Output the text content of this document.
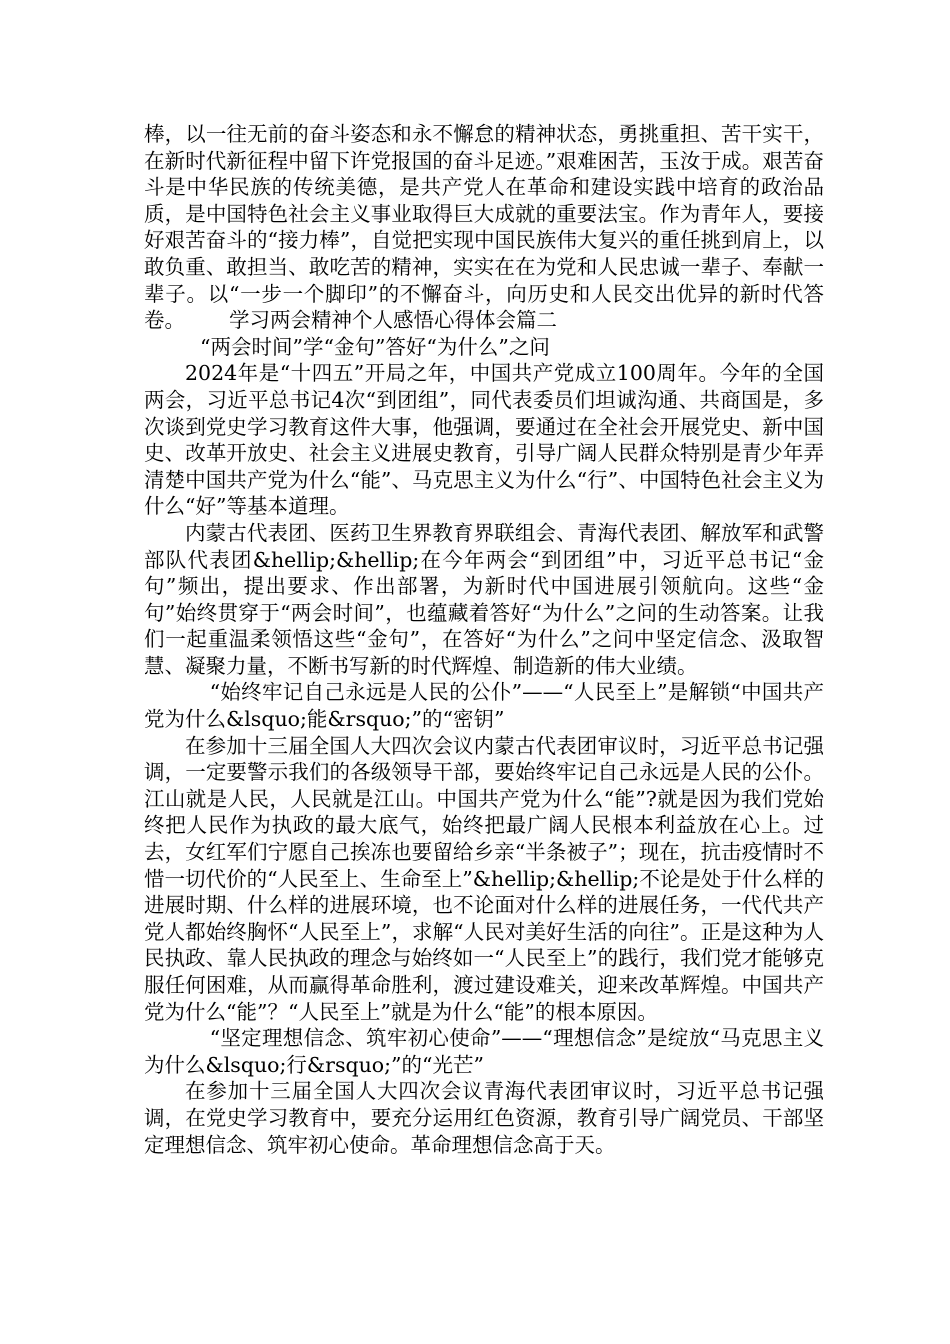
棒，以一往无前的奋斗姿态和永不懈怠的精神状态，勇挑重担、苦干实干，在新时代新征程中留下许党报国的奋斗足迹。”艰难困苦，玉汝于成。艰苦奋斗是中华民族的传统美德，是共产党人在革命和建设实践中培育的政治品质，是中国特色社会主义事业取得巨大成就的重要法宝。作为青年人，要接好艰苦奋斗的“接力棒”，自觉把实现中国民族伟大复兴的重任挑到肩上，以敢负重、敢担当、敢吃苦的精神，实实在在为党和人民忠诚一辈子、奉献一辈子。以“一步一个脚印”的不懈奋斗，向历史和人民交出优异的新时代答卷。 学习两会精神个人感悟心得体会篇二

“两会时间”学“金句”答好“为什么”之问

2024年是“十四五”开局之年，中国共产党成立100周年。今年的全国两会，习近平总书记4次“到团组”，同代表委员们坦诚沟通、共商国是，多次谈到党史学习教育这件大事，他强调，要通过在全社会开展党史、新中国史、改革开放史、社会主义进展史教育，引导广阔人民群众特别是青少年弄清楚中国共产党为什么“能”、马克思主义为什么“行”、中国特色社会主义为什么“好”等基本道理。

内蒙古代表团、医药卫生界教育界联组会、青海代表团、解放军和武警部队代表团&hellip;&hellip;在今年两会“到团组”中，习近平总书记“金句”频出，提出要求、作出部署，为新时代中国进展引领航向。这些“金句”始终贯穿于“两会时间”，也蕴藏着答好“为什么”之问的生动答案。让我们一起重温柔领悟这些“金句”，在答好“为什么”之问中坚定信念、汲取智慧、凝聚力量，不断书写新的时代辉煌、制造新的伟大业绩。

“始终牢记自己永远是人民的公仆”——“人民至上”是解锁“中国共产党为什么&lsquo;能&rsquo;”的“密钥”

在参加十三届全国人大四次会议内蒙古代表团审议时，习近平总书记强调，一定要警示我们的各级领导干部，要始终牢记自己永远是人民的公仆。江山就是人民，人民就是江山。中国共产党为什么“能”?就是因为我们党始终把人民作为执政的最大底气，始终把最广阔人民根本利益放在心上。过去，女红军们宁愿自己挨冻也要留给乡亲“半条被子”；现在，抗击疫情时不惜一切代价的“人民至上、生命至上”&hellip;&hellip;不论是处于什么样的进展时期、什么样的进展环境，也不论面对什么样的进展任务，一代代共产党人都始终胸怀“人民至上”，求解“人民对美好生活的向往”。正是这种为人民执政、靠人民执政的理念与始终如一“人民至上”的践行，我们党才能够克服任何困难，从而赢得革命胜利，渡过建设难关，迎来改革辉煌。中国共产党为什么“能”？“人民至上”就是为什么“能”的根本原因。

“坚定理想信念、筑牢初心使命”——“理想信念”是绽放“马克思主义为什么&lsquo;行&rsquo;”的“光芒”

在参加十三届全国人大四次会议青海代表团审议时，习近平总书记强调，在党史学习教育中，要充分运用红色资源，教育引导广阔党员、干部坚定理想信念、筑牢初心使命。革命理想信念高于天。
